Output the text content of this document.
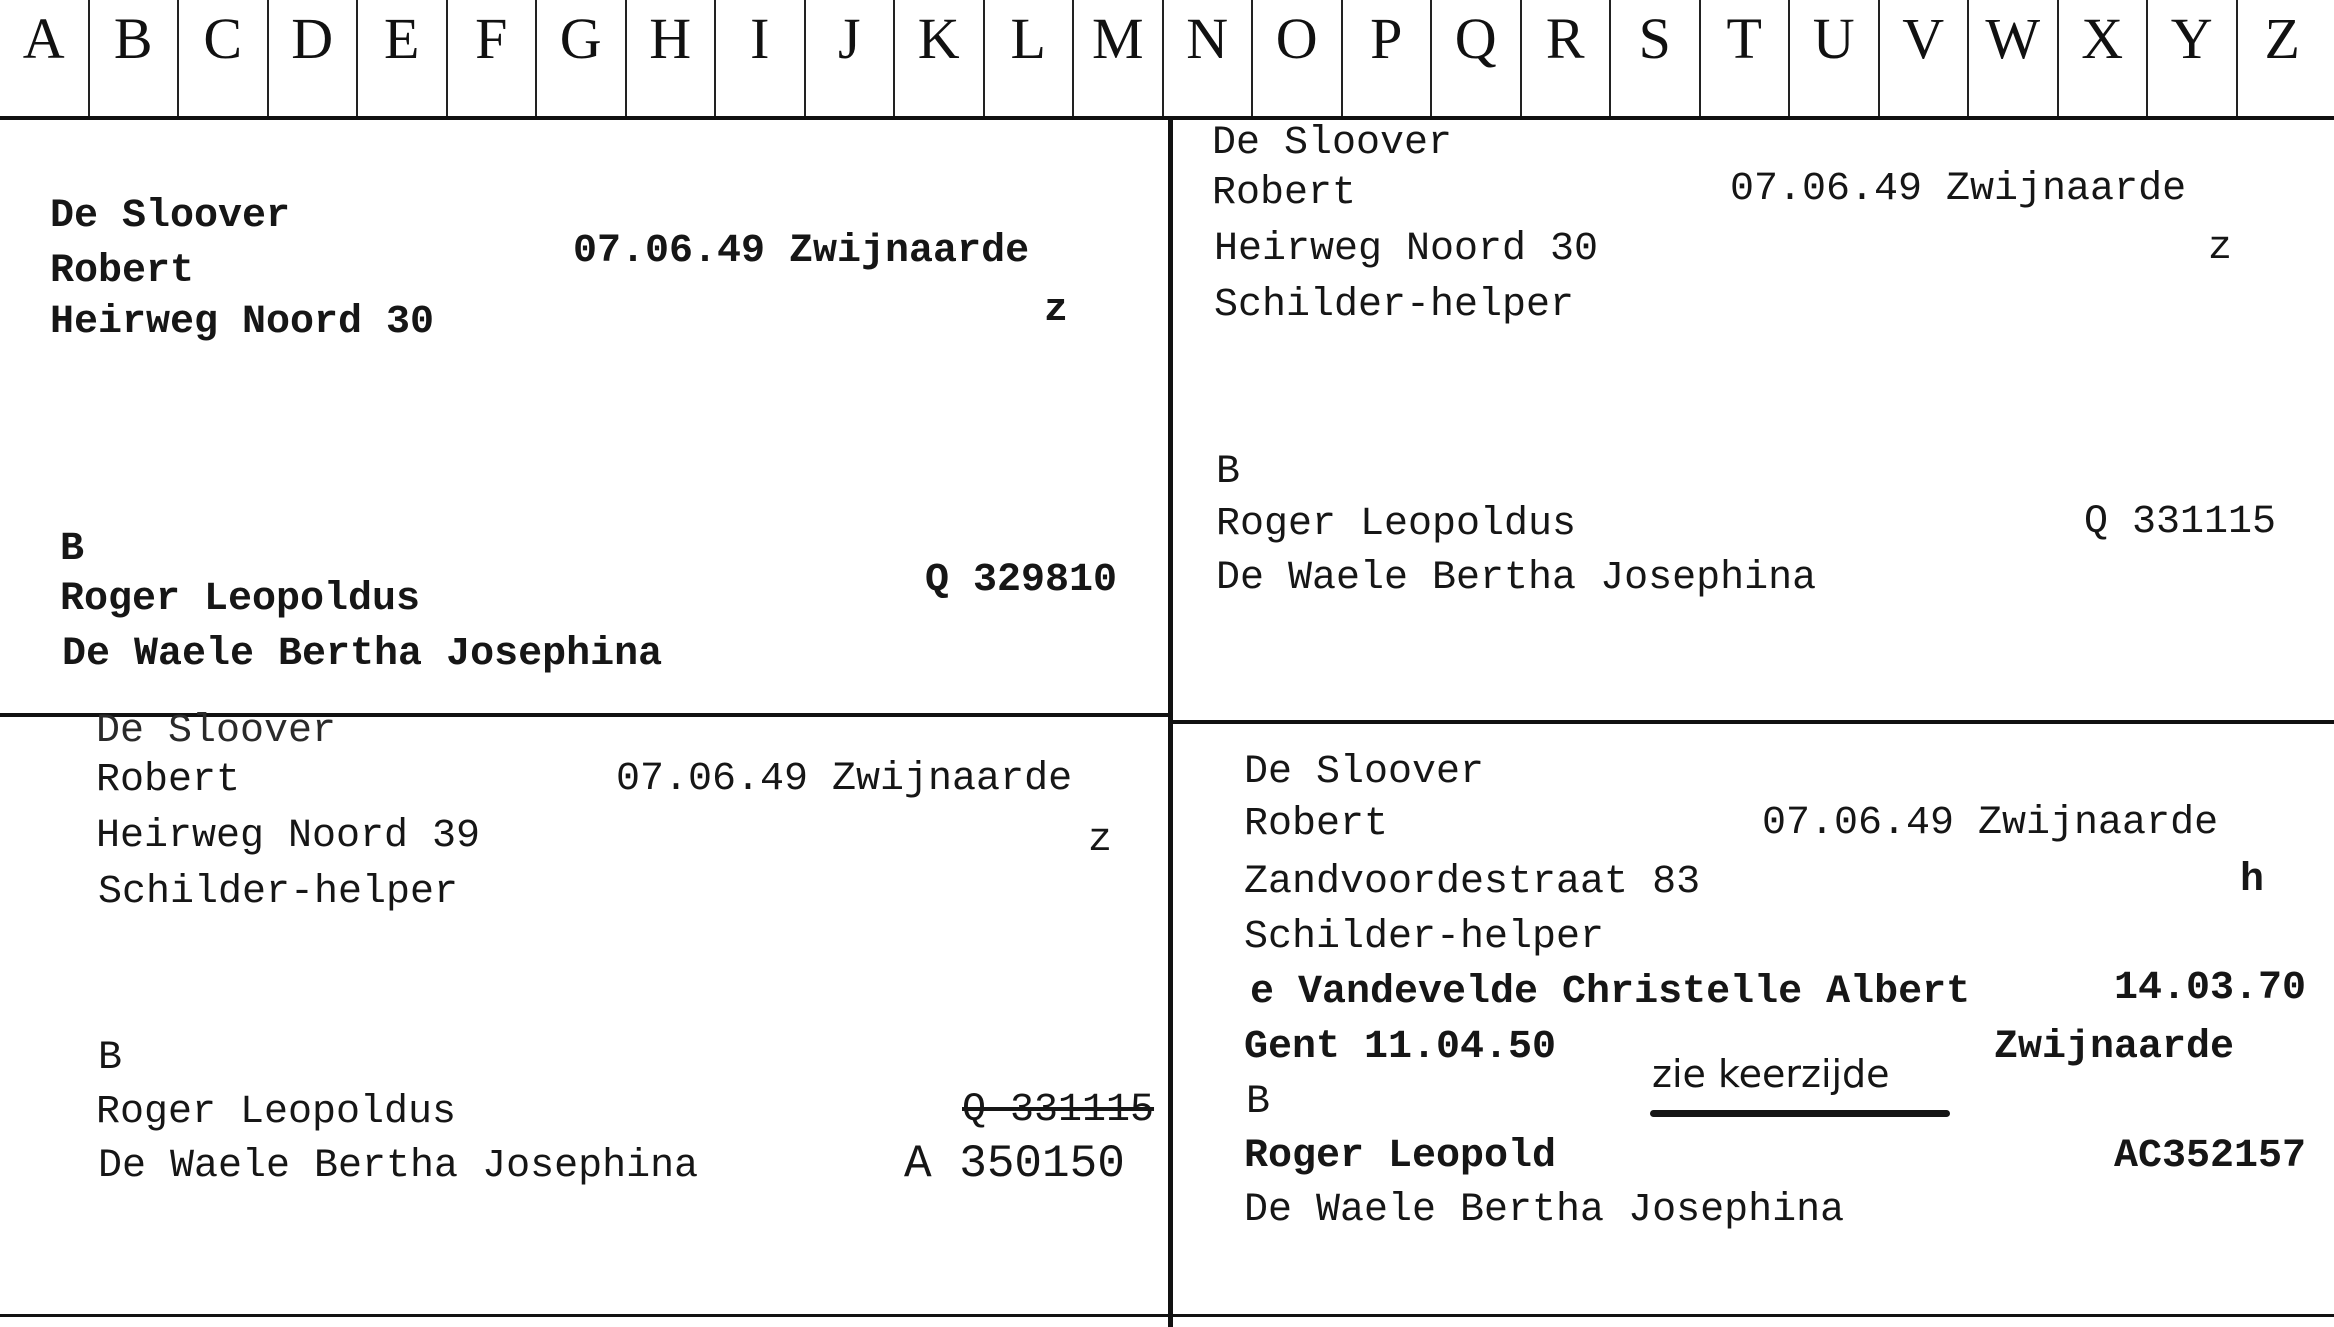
A B C D E F G H	I	J K L M N O P Q R S T U V W X Y Z
De Sloover
Robert	07.06.49 Zwijnaarde
Heirweg Noord 30	z
B
Roger Leopoldus	Q 329810
De Waele Bertha Josephina
De Sloover
Robert	07.06.49 Zwijnaarde
Heirweg Noord 30	z
Schilder-helper
B
Roger Leopoldus	Q 331115
De Waele Bertha Josephina
De Sloover
Robert	07.06.49 Zwijnaarde
Heirweg Noord 39	z
Schilder-helper
B
Roger Leopoldus	Q 331115
De Waele Bertha Josephina	A 350150
De Sloover
Robert	07.06.49 Zwijnaarde
Zandvoordestraat 83	h
Schilder-helper
e Vandevelde Christelle Albert	14.03.70
Gent 11.04.50	Zwijnaarde
zie keerzijde
B
Roger Leopold	AC352157
De Waele Bertha Josephina
